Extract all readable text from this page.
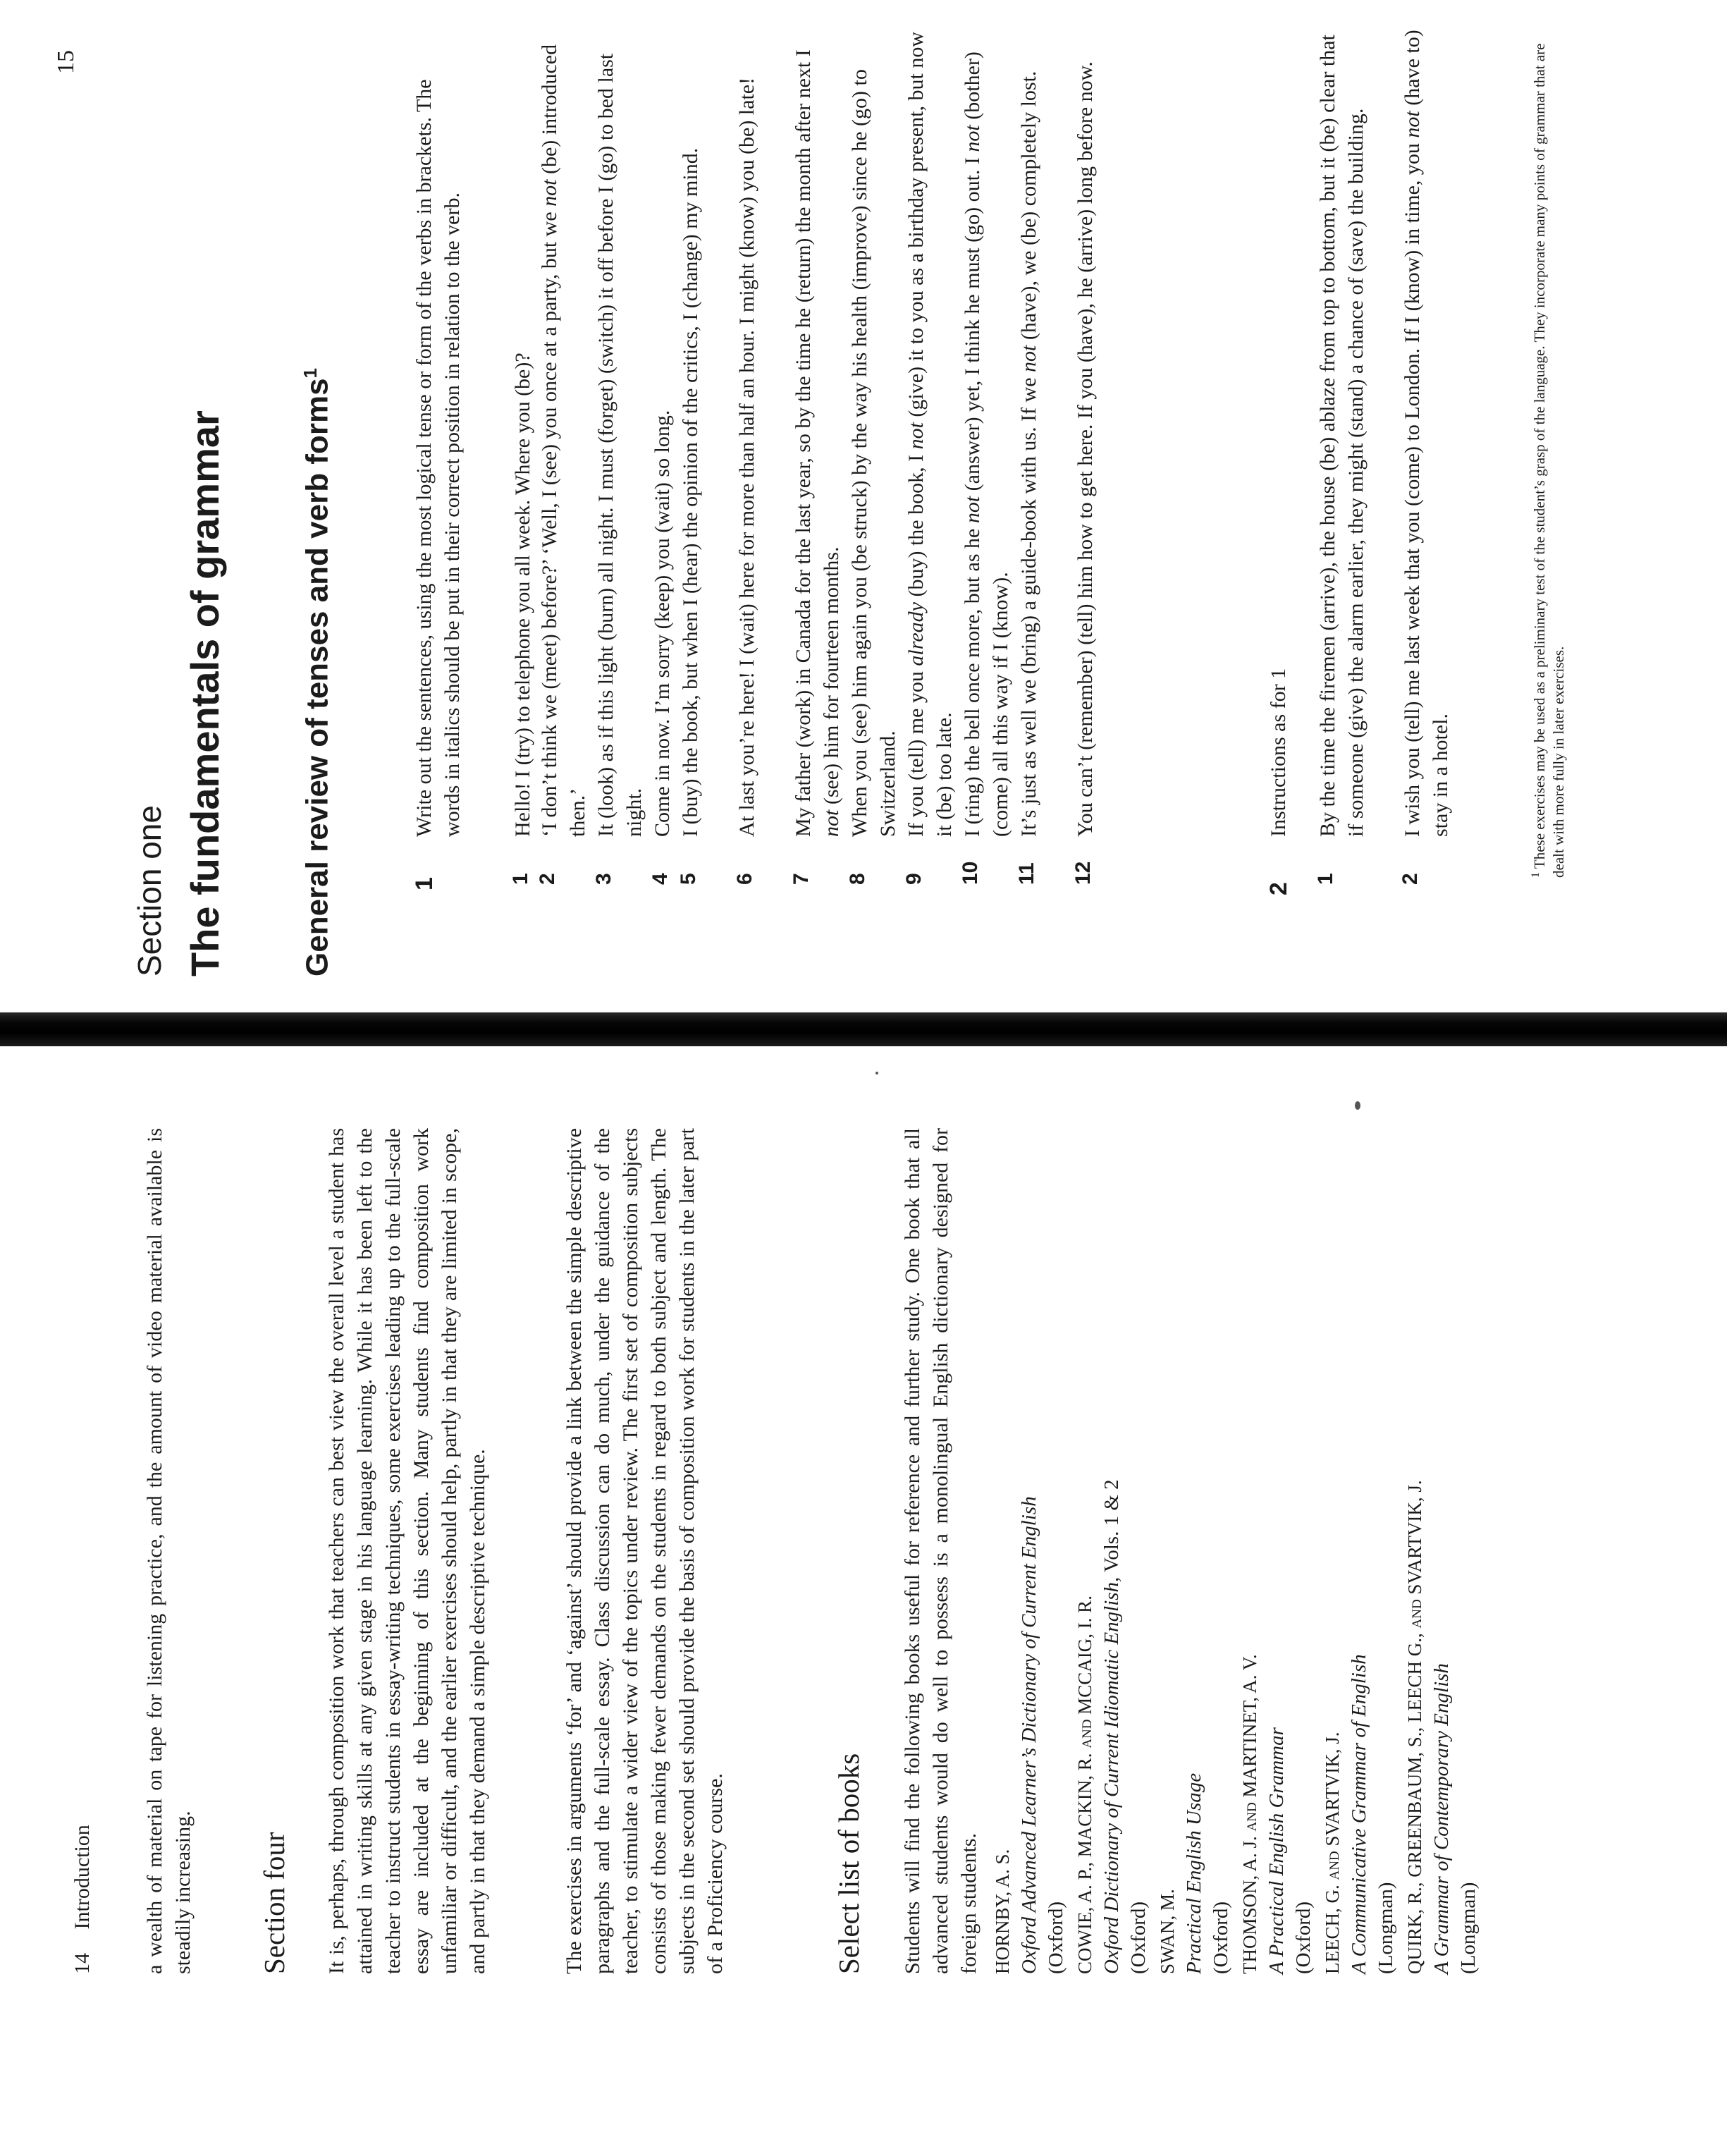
14 Introduction a wealth of material on tape for listening practice, and the amount of video material available is steadily increasing. Section four It is, perhaps, through composition work that teachers can best view the overall level a student has attained in writing skills at any given stage in his language learning. While it has been left to the teacher to instruct students in essay-writing techniques, some exercises leading up to the full-scale essay are included at the beginning of this section. Many students find composition work unfamiliar or difficult, and the earlier exercises should help, partly in that they are limited in scope, and partly in that they demand a simple descriptive technique.	The exercises in arguments ‘for’ and ‘against’ should provide a link between the simple descriptive paragraphs and the full-scale essay. Class discussion can do much, under the guidance of the teacher, to stimulate a wider view of the topics under review. The first set of composition subjects consists of those making fewer demands on the students in regard to both subject and length. The subjects in the second set should provide the basis of composition work for students in the later part of a Proficiency course.	Select list of books Students will find the following books useful for reference and further study. One book that all advanced students would do well to possess is a monolingual English dictionary designed for foreign students. HORNBY, A. S. Oxford Advanced Learner’s Dictionary of Current English (Oxford) COWIE, A. P., MACKIN, R. and MCCAIG, I. R. Oxford Dictionary of Current Idiomatic English, Vols. 1 & 2
(Oxford) SWAN, M. Practical English Usage (Oxford) THOMSON, A. J. and MARTINET, A. V. A Practical English Grammar (Oxford) LEECH, G. and SVARTVIK, J. A Communicative Grammar of English (Longman) QUIRK, R., GREENBAUM, S., LEECH G., and SVARTVIK, J. A Grammar of Contemporary English (Longman)
15
Section one The fundamentals of grammar General review of tenses and verb forms$^1$
1
Write out the sentences, using the most logical tense or form of the verbs in brackets. The words in italics should be put in their correct position in relation to the verb.
1
Hello! I (try) to telephone you all week. Where you (be)?
2
‘I don’t think we (meet) before?’ ‘Well, I (see) you once at a party, but we not (be) introduced then.’
3
It (look) as if this light (burn) all night. I must (forget) (switch) it off before I (go) to bed last night.
4
Come in now. I’m sorry (keep) you (wait) so long.
5
I (buy) the book, but when I (hear) the opinion of the critics, I (change) my mind.
6
At last you’re here! I (wait) here for more than half an hour. I might (know) you (be) late!
7
My father (work) in Canada for the last year, so by the time he (return) the month after next I not (see) him for fourteen months.
8
When you (see) him again you (be struck) by the way his health (improve) since he (go) to Switzerland.
9
If you (tell) me you already (buy) the book, I not (give) it to you as a birthday present, but now it (be) too late.
10
I (ring) the bell once more, but as he not (answer) yet, I think he must (go) out. I not (bother) (come) all this way if I (know).
11
It’s just as well we (bring) a guide-book with us. If we not (have), we (be) completely lost.
12
You can’t (remember) (tell) him how to get here. If you (have), he (arrive) long before now.
2
Instructions as for 1
1
By the time the firemen (arrive), the house (be) ablaze from top to bottom, but it (be) clear that if someone (give) the alarm earlier, they might (stand) a chance of (save) the building.
2
I wish you (tell) me last week that you (come) to London. If I (know) in time, you not (have to) stay in a hotel.
$^1$ These exercises may be used as a preliminary test of the student’s grasp of the language. They incorporate many points of grammar that are dealt with more fully in later exercises.
